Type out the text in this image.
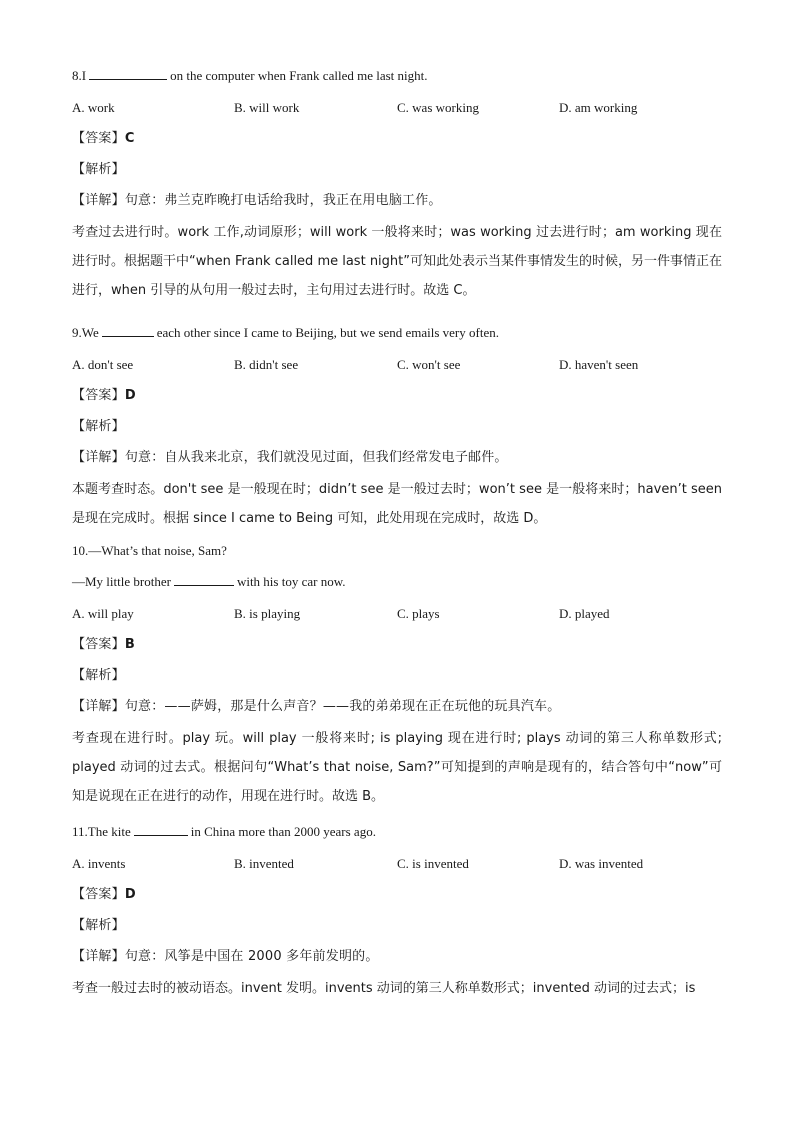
8.I	on the computer when Frank called me last night.
A. work	B. will work	C. was working	D. am working
【答案】C
【解析】
【详解】句意：弗兰克昨晚打电话给我时，我正在用电脑工作。
考查过去进行时。work 工作,动词原形；will work 一般将来时；was working 过去进行时；am working 现在进行时。根据题干中“when Frank called me last night”可知此处表示当某件事情发生的时候，另一件事情正在进行，when 引导的从句用一般过去时，主句用过去进行时。故选 C。
9.We	each other since I came to Beijing, but we send emails very often.
A. don't see	B. didn't see	C. won't see	D. haven't seen
【答案】D
【解析】
【详解】句意：自从我来北京，我们就没见过面，但我们经常发电子邮件。
本题考查时态。don't see 是一般现在时；didn’t see 是一般过去时；won’t see 是一般将来时；haven’t seen 是现在完成时。根据 since I came to Being 可知，此处用现在完成时，故选 D。
10.—What’s that noise, Sam?
—My little brother	with his toy car now.
A. will play	B. is playing	C. plays	D. played
【答案】B
【解析】
【详解】句意：——萨姆，那是什么声音？——我的弟弟现在正在玩他的玩具汽车。
考查现在进行时。play 玩。will play 一般将来时; is playing 现在进行时; plays 动词的第三人称单数形式; played 动词的过去式。根据问句“What’s that noise, Sam?”可知提到的声响是现有的，结合答句中“now”可知是说现在正在进行的动作，用现在进行时。故选 B。
11.The kite	in China more than 2000 years ago.
A. invents	B. invented	C. is invented	D. was invented
【答案】D
【解析】
【详解】句意：风筝是中国在 2000 多年前发明的。
考查一般过去时的被动语态。invent 发明。invents 动词的第三人称单数形式；invented 动词的过去式；is
